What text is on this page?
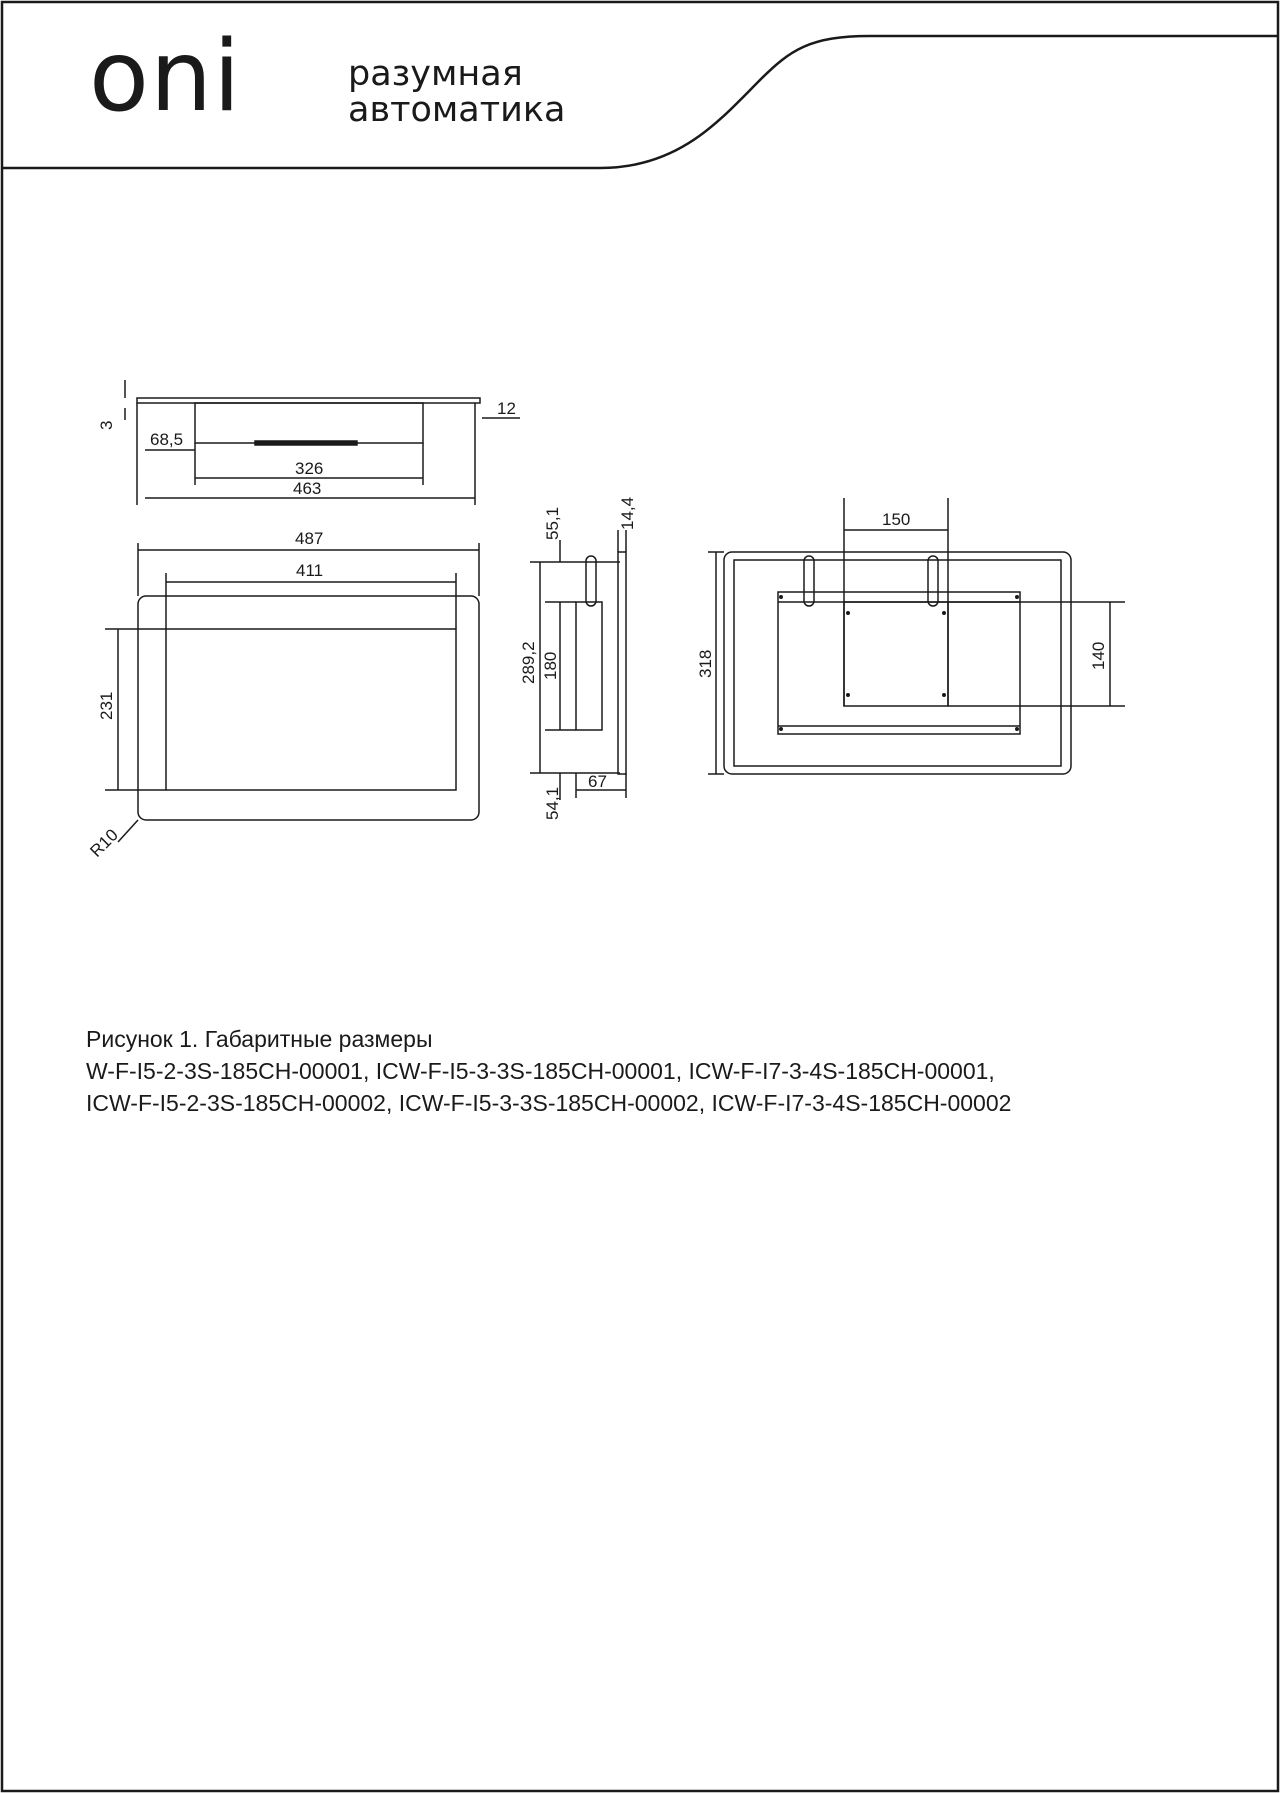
oni	разумная
автоматика
3
68,5
326
463
12
487
411
231
R10
55,1	14,4
289,2 180
54,1
67
318
150
140
Рисунок 1. Габаритные размеры
W-F-I5-2-3S-185CH-00001, ICW-F-I5-3-3S-185CH-00001, ICW-F-I7-3-4S-185CH-00001,
ICW-F-I5-2-3S-185CH-00002, ICW-F-I5-3-3S-185CH-00002, ICW-F-I7-3-4S-185CH-00002
